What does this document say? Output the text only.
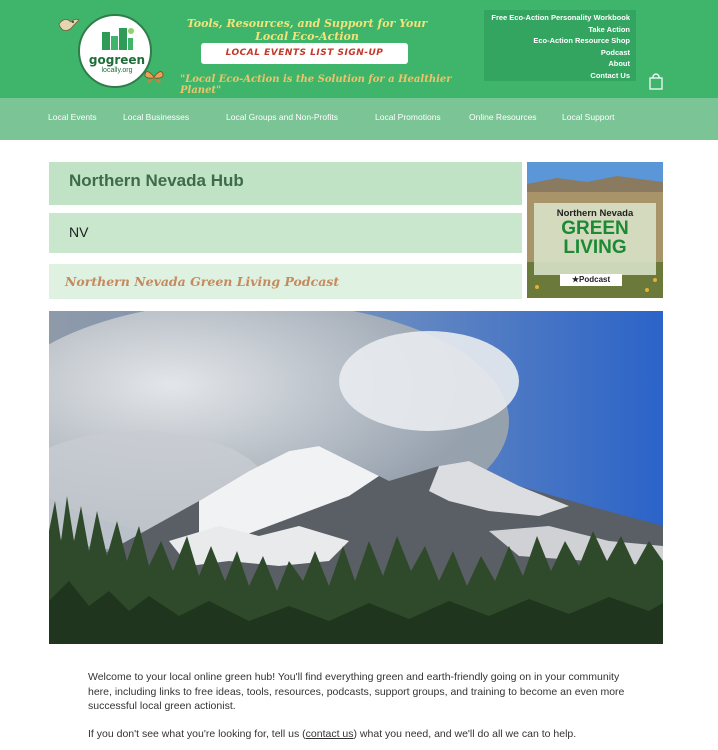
gogreen
locally.org
Tools, Resources, and Support for Your Local Eco-Action
LOCAL EVENTS LIST SIGN-UP
"Local Eco-Action is the Solution for a Healthier Planet"
Free Eco-Action Personality Workbook
Take Action
Eco-Action Resource Shop
Podcast
About
Contact Us
Local Events	Local Businesses	Local Groups and Non-Profits	Local Promotions	Online Resources	Local Support
Northern Nevada Hub
NV
Northern Nevada Green Living Podcast
Northern Nevada
GREEN
LIVING
★Podcast
Welcome to your local online green hub! You'll find everything green and earth-friendly going on in your community here, including links to free ideas, tools, resources, podcasts, support groups, and training to become an even more successful local green actionist.
If you don't see what you're looking for, tell us (contact us) what you need, and we'll do all we can to help.
